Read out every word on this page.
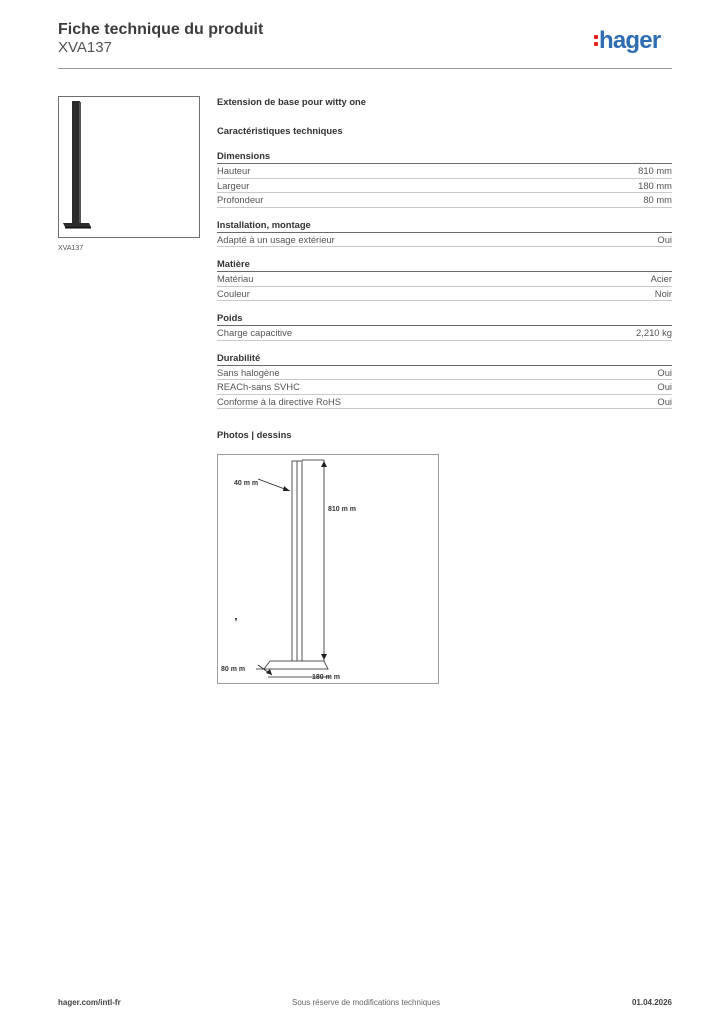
Fiche technique du produit
XVA137	hager
XVA137
Extension de base pour witty one
Caractéristiques techniques
Dimensions
Hauteur	810 mm
Largeur	180 mm
Profondeur	80 mm
Installation, montage
Adapté à un usage extérieur	Oui
Matière
Matériau	Acier
Couleur	Noir
Poids
Charge capacitive	2,210 kg
Durabilité
Sans halogène	Oui
REACh-sans SVHC	Oui
Conforme à la directive RoHS	Oui
Photos | dessins
40 m m
810 m m
80 m m
180 m m
hager.com/intl-fr	Sous réserve de modifications techniques	01.04.2026
